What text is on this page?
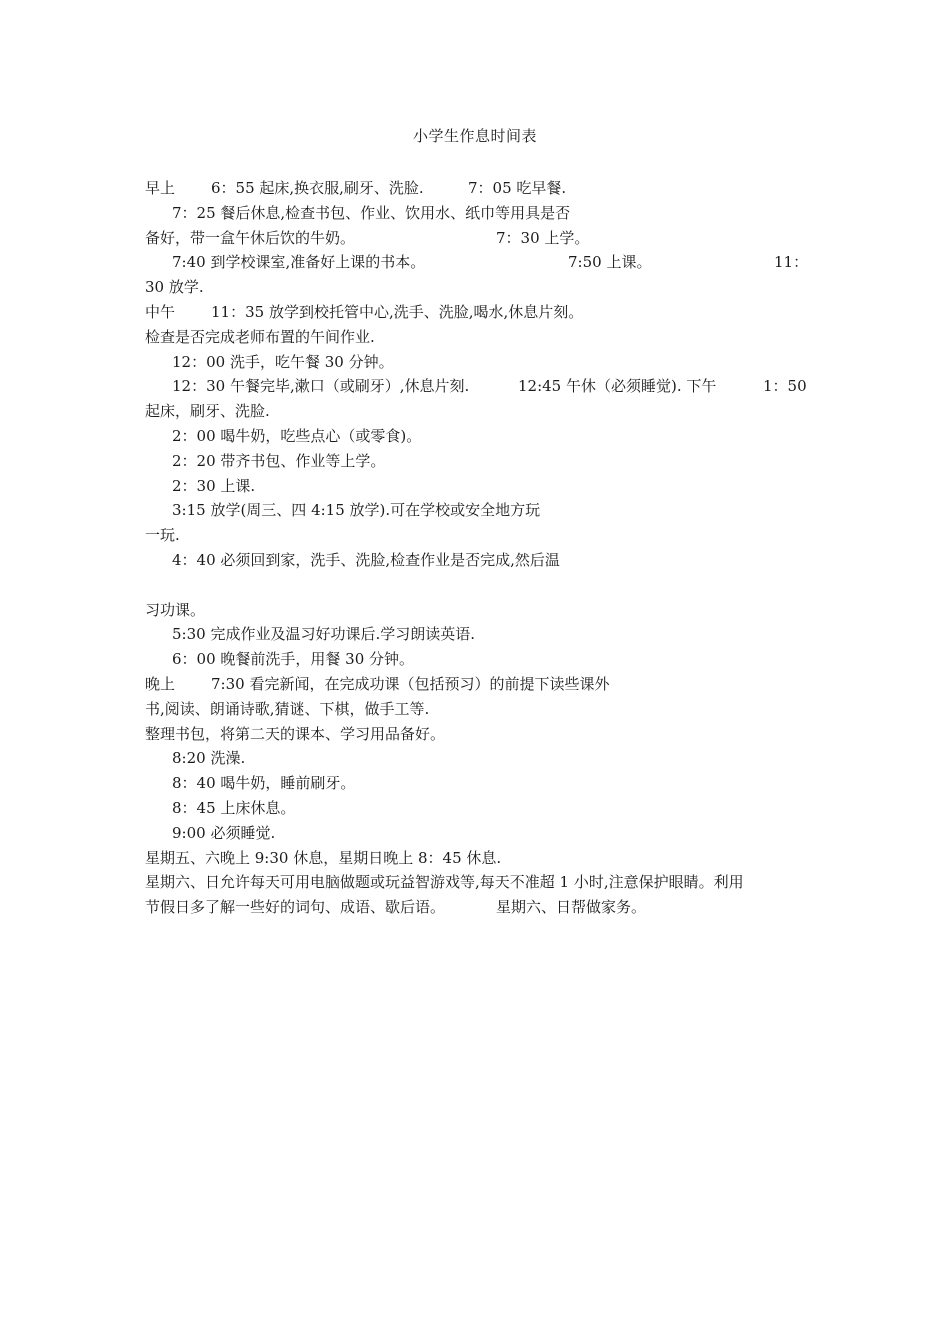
小学生作息时间表

早上

6：55 起床,换衣服,刷牙、洗脸.

	7：05 吃早餐.

7：25 餐后休息,检查书包、作业、饮用水、纸巾等用具是否

备好，带一盒午休后饮的牛奶。

	7：30 上学。

7:40 到学校课室,准备好上课的书本。

	7:50 上课。

	11：

30 放学.

中午

11：35 放学到校托管中心,洗手、洗脸,喝水,休息片刻。

检查是否完成老师布置的午间作业.

12：00 洗手，吃午餐 30 分钟。

12：30 午餐完毕,漱口（或刷牙）,休息片刻.

	12:45 午休（必须睡觉). 下午

	1：50

起床，刷牙、洗脸.

2：00 喝牛奶，吃些点心（或零食)。

2：20 带齐书包、作业等上学。

2：30 上课.

3:15 放学(周三、四 4:15 放学).可在学校或安全地方玩

一玩.

4：40 必须回到家，洗手、洗脸,检查作业是否完成,然后温

习功课。

5:30 完成作业及温习好功课后.学习朗读英语.

6：00 晚餐前洗手，用餐 30 分钟。

晚上

7:30 看完新闻，在完成功课（包括预习）的前提下读些课外

书,阅读、朗诵诗歌,猜谜、下棋，做手工等.

整理书包，将第二天的课本、学习用品备好。

8:20 洗澡.

8：40 喝牛奶，睡前刷牙。

8：45 上床休息。

9:00 必须睡觉.

星期五、六晚上 9:30 休息，星期日晚上 8：45 休息.

星期六、日允许每天可用电脑做题或玩益智游戏等,每天不准超 1 小时,注意保护眼睛。利用

节假日多了解一些好的词句、成语、歇后语。

	星期六、日帮做家务。
